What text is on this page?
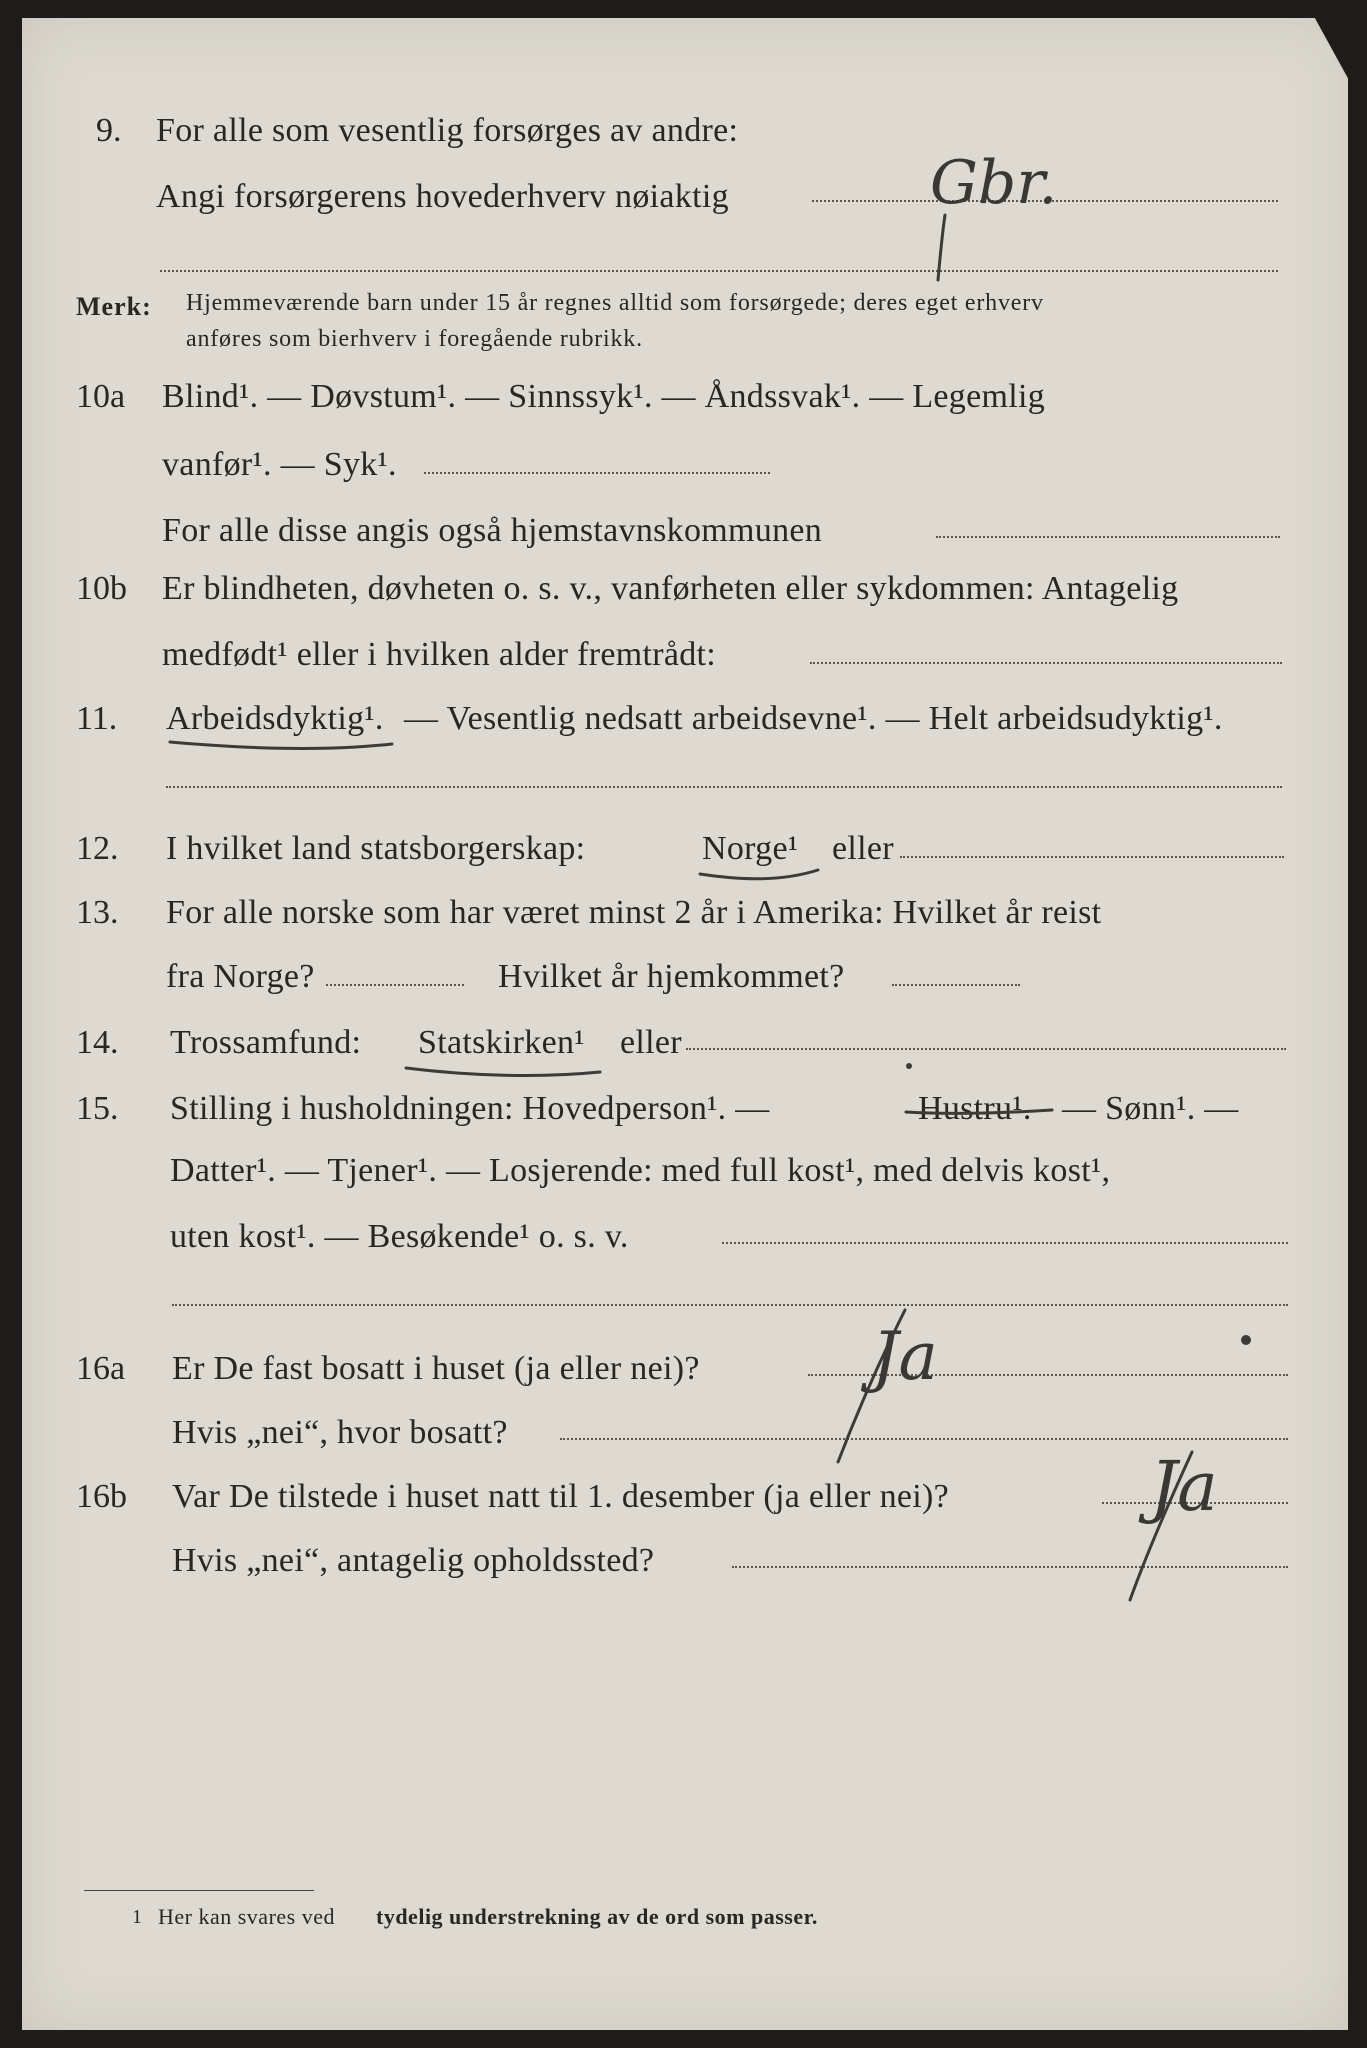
9. For alle som vesentlig forsørges av andre:
Angi forsørgerens hovederhverv nøiaktig	Gbr.
Merk: Hjemmeværende barn under 15 år regnes alltid som forsørgede; deres eget erhverv
anføres som bierhverv i foregående rubrikk.
10a Blind¹. — Døvstum¹. — Sinnssyk¹. — Åndssvak¹. — Legemlig
vanfør¹. — Syk¹.
For alle disse angis også hjemstavnskommunen
10b Er blindheten, døvheten o. s. v., vanførheten eller sykdommen: Antagelig
medfødt¹ eller i hvilken alder fremtrådt:
11. Arbeidsdyktig¹. — Vesentlig nedsatt arbeidsevne¹. — Helt arbeidsudyktig¹.
12. I hvilket land statsborgerskap:	Norge¹ eller
13. For alle norske som har været minst 2 år i Amerika: Hvilket år reist
fra Norge?	Hvilket år hjemkommet?
14. Trossamfund: Statskirken¹ eller
15. Stilling i husholdningen: Hovedperson¹. —	Hustru¹. — Sønn¹. —
Datter¹. — Tjener¹. — Losjerende: med full kost¹, med delvis kost¹,
uten kost¹. — Besøkende¹ o. s. v.
16a Er De fast bosatt i huset (ja eller nei)?	Ja
Hvis „nei“, hvor bosatt?
16b Var De tilstede i huset natt til 1. desember (ja eller nei)?	Ja
Hvis „nei“, antagelig opholdssted?
1 Her kan svares ved tydelig understrekning av de ord som passer.
